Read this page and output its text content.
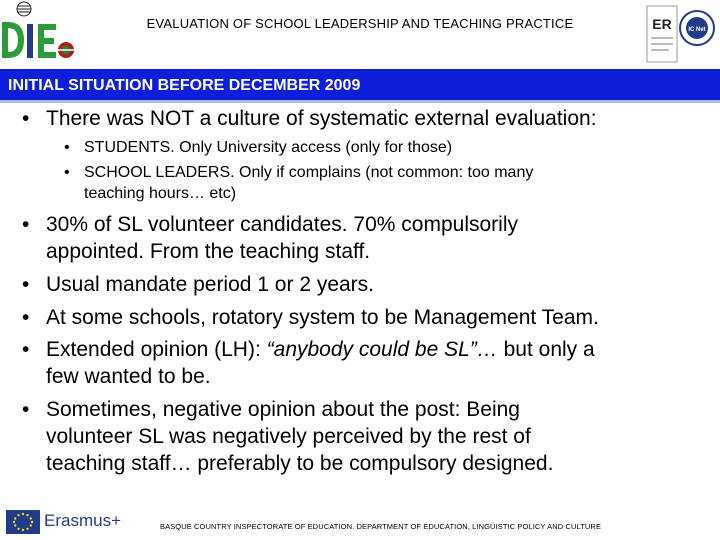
EVALUATION OF SCHOOL LEADERSHIP AND TEACHING PRACTICE	ER	IC Net
INITIAL SITUATION BEFORE DECEMBER 2009
• There was NOT a culture of systematic external evaluation:
• STUDENTS. Only University access (only for those)
• SCHOOL LEADERS. Only if complains (not common: too many
teaching hours… etc)
• 30% of SL volunteer candidates. 70% compulsorily
appointed. From the teaching staff.
• Usual mandate period 1 or 2 years.
• At some schools, rotatory system to be Management Team.
• Extended opinion (LH): “anybody could be SL”… but only a
few wanted to be.
• Sometimes, negative opinion about the post: Being
volunteer SL was negatively perceived by the rest of
teaching staff… preferably to be compulsory designed.
Erasmus+	BASQUE COUNTRY INSPECTORATE OF EDUCATION. DEPARTMENT OF EDUCATION, LINGÜISTIC POLICY AND CULTURE
